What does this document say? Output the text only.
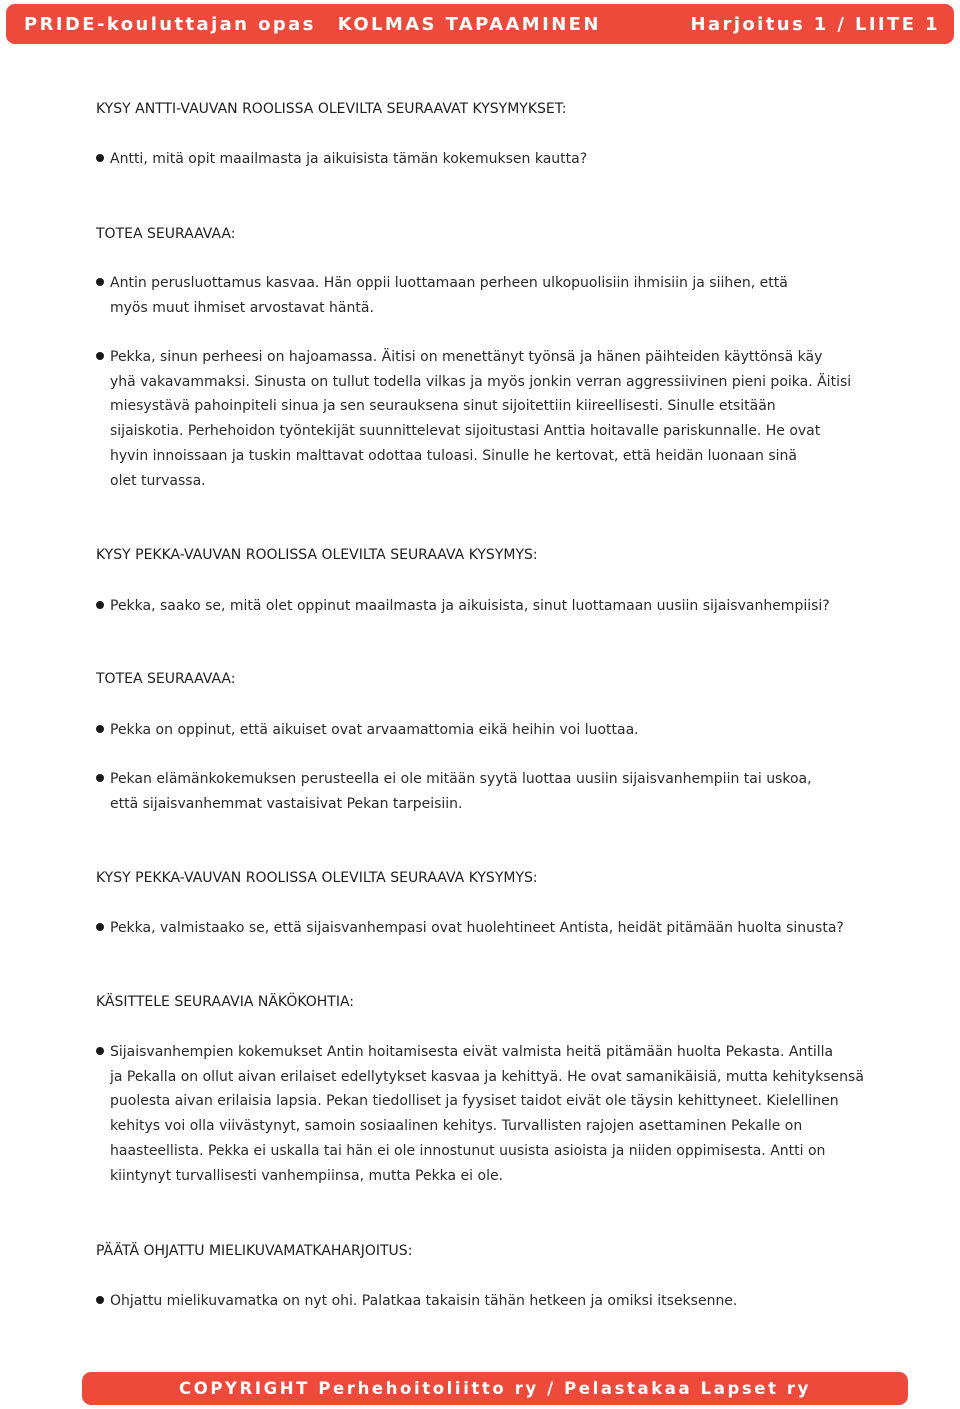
PRIDE-kouluttajan opas KOLMAS TAPAAMINEN	Harjoitus 1 / LIITE 1
KYSY ANTTI-VAUVAN ROOLISSA OLEVILTA SEURAAVAT KYSYMYKSET:
Antti, mitä opit maailmasta ja aikuisista tämän kokemuksen kautta?
TOTEA SEURAAVAA:
Antin perusluottamus kasvaa. Hän oppii luottamaan perheen ulkopuolisiin ihmisiin ja siihen, että
myös muut ihmiset arvostavat häntä.
Pekka, sinun perheesi on hajoamassa. Äitisi on menettänyt työnsä ja hänen päihteiden käyttönsä käy
yhä vakavammaksi. Sinusta on tullut todella vilkas ja myös jonkin verran aggressiivinen pieni poika. Äitisi
miesystävä pahoinpiteli sinua ja sen seurauksena sinut sijoitettiin kiireellisesti. Sinulle etsitään
sijaiskotia. Perhehoidon työntekijät suunnittelevat sijoitustasi Anttia hoitavalle pariskunnalle. He ovat
hyvin innoissaan ja tuskin malttavat odottaa tuloasi. Sinulle he kertovat, että heidän luonaan sinä
olet turvassa.
KYSY PEKKA-VAUVAN ROOLISSA OLEVILTA SEURAAVA KYSYMYS:
Pekka, saako se, mitä olet oppinut maailmasta ja aikuisista, sinut luottamaan uusiin sijaisvanhempiisi?
TOTEA SEURAAVAA:
Pekka on oppinut, että aikuiset ovat arvaamattomia eikä heihin voi luottaa.
Pekan elämänkokemuksen perusteella ei ole mitään syytä luottaa uusiin sijaisvanhempiin tai uskoa,
että sijaisvanhemmat vastaisivat Pekan tarpeisiin.
KYSY PEKKA-VAUVAN ROOLISSA OLEVILTA SEURAAVA KYSYMYS:
Pekka, valmistaako se, että sijaisvanhempasi ovat huolehtineet Antista, heidät pitämään huolta sinusta?
KÄSITTELE SEURAAVIA NÄKÖKOHTIA:
Sijaisvanhempien kokemukset Antin hoitamisesta eivät valmista heitä pitämään huolta Pekasta. Antilla
ja Pekalla on ollut aivan erilaiset edellytykset kasvaa ja kehittyä. He ovat samanikäisiä, mutta kehityksensä
puolesta aivan erilaisia lapsia. Pekan tiedolliset ja fyysiset taidot eivät ole täysin kehittyneet. Kielellinen
kehitys voi olla viivästynyt, samoin sosiaalinen kehitys. Turvallisten rajojen asettaminen Pekalle on
haasteellista. Pekka ei uskalla tai hän ei ole innostunut uusista asioista ja niiden oppimisesta. Antti on
kiintynyt turvallisesti vanhempiinsa, mutta Pekka ei ole.
PÄÄTÄ OHJATTU MIELIKUVAMATKAHARJOITUS:
Ohjattu mielikuvamatka on nyt ohi. Palatkaa takaisin tähän hetkeen ja omiksi itseksenne.
COPYRIGHT Perhehoitoliitto ry / Pelastakaa Lapset ry
